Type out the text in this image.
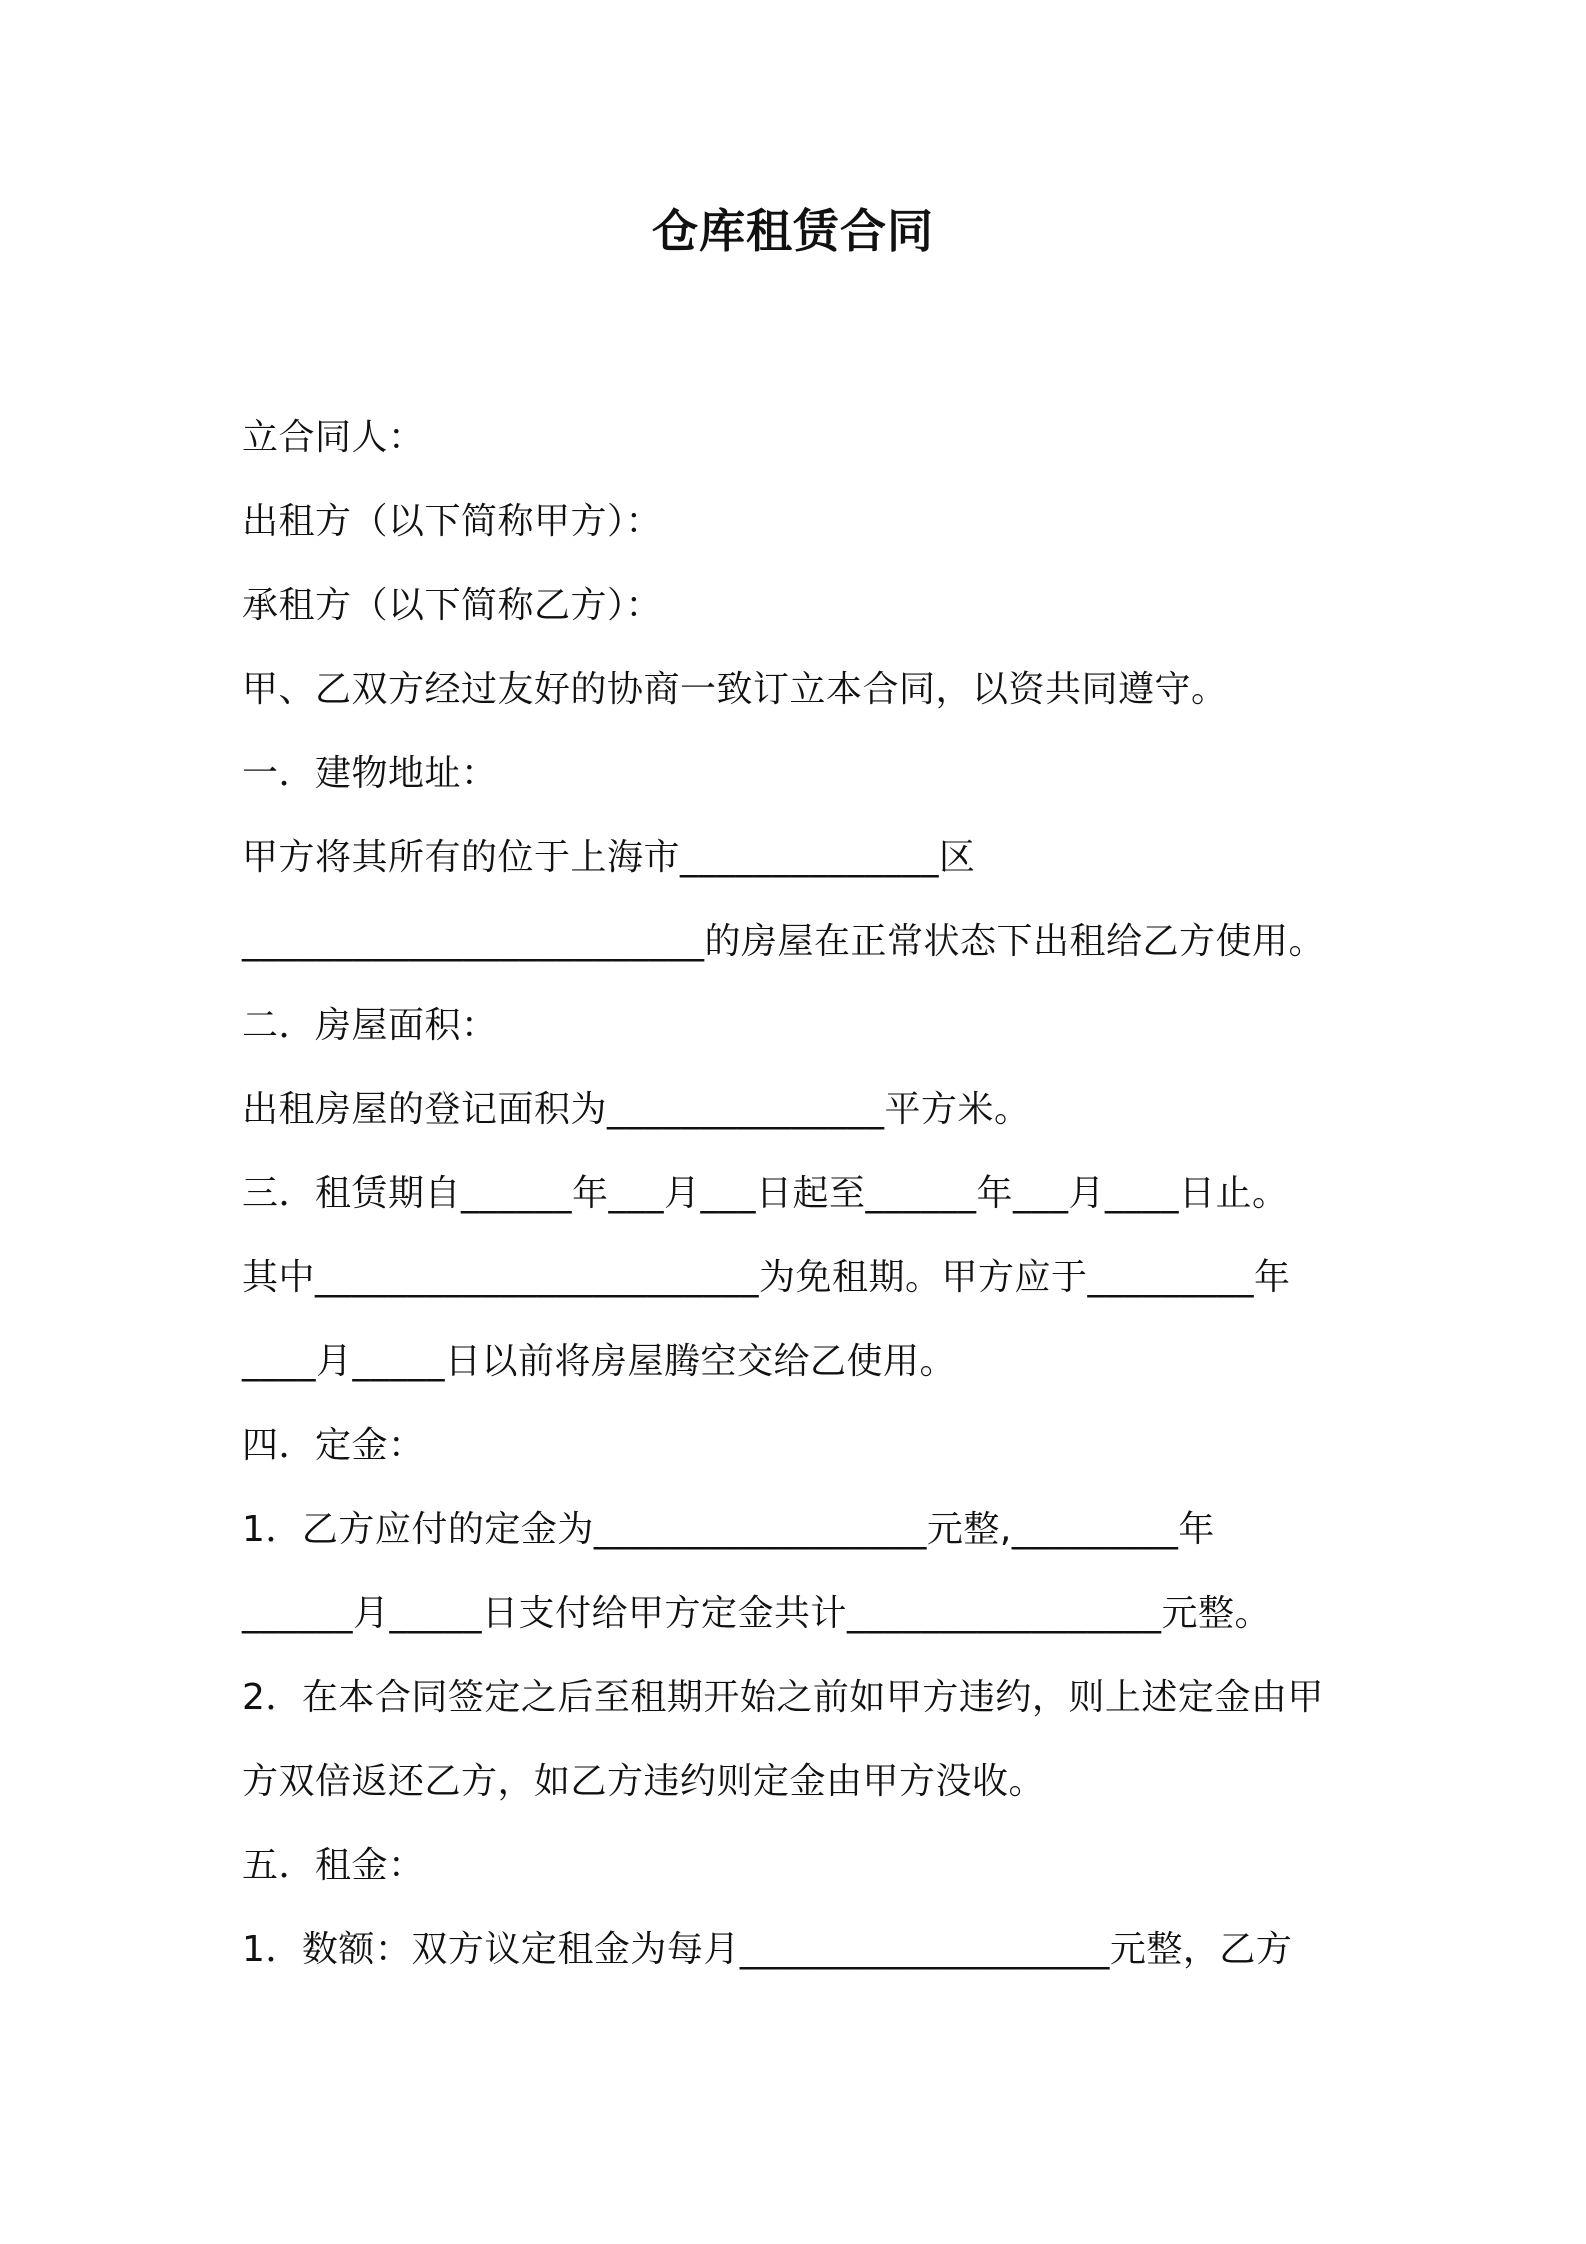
仓库租赁合同
立合同人：
出租方（以下简称甲方）：
承租方（以下简称乙方）：
甲、乙双方经过友好的协商一致订立本合同，以资共同遵守。
一．建物地址：
甲方将其所有的位于上海市______________区
_________________________的房屋在正常状态下出租给乙方使用。
二．房屋面积：
出租房屋的登记面积为_______________平方米。
三．租赁期自______年___月___日起至______年___月____日止。
其中________________________为免租期。甲方应于_________年
____月_____日以前将房屋腾空交给乙使用。
四．定金：
1．乙方应付的定金为__________________元整,_________年
______月_____日支付给甲方定金共计_________________元整。
2．在本合同签定之后至租期开始之前如甲方违约，则上述定金由甲
方双倍返还乙方，如乙方违约则定金由甲方没收。
五．租金：
1．数额：双方议定租金为每月____________________元整，乙方
